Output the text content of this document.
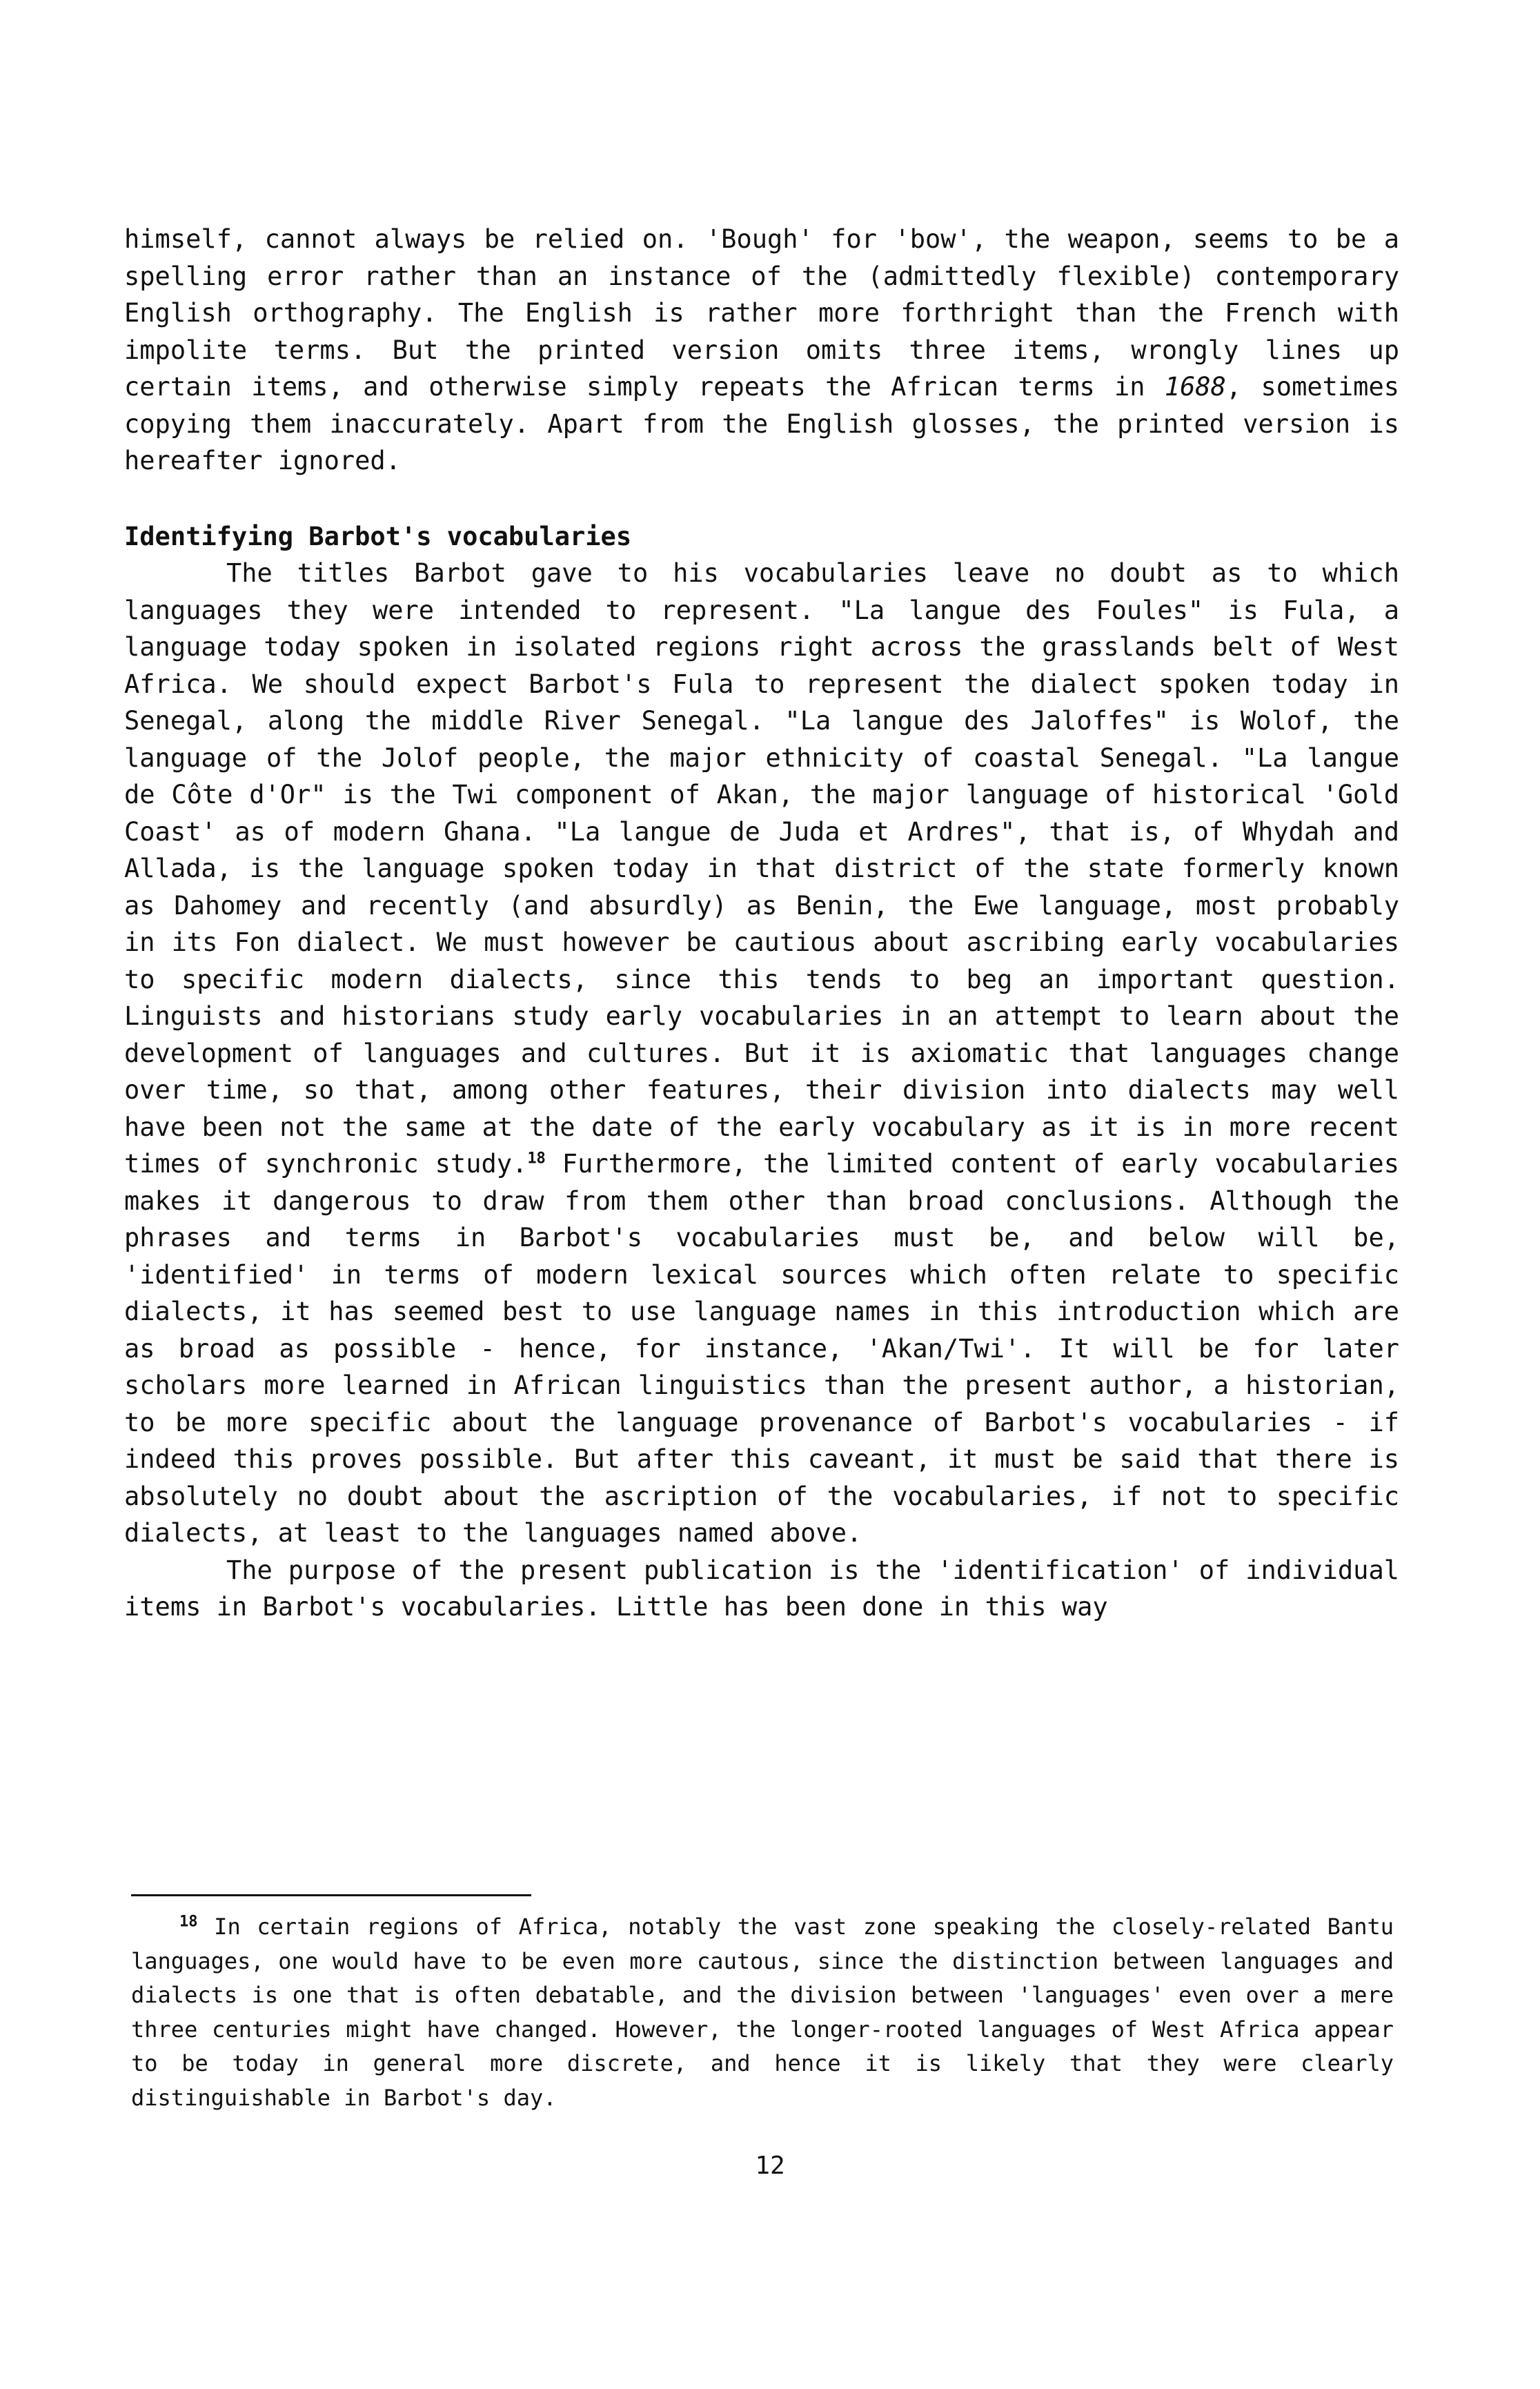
himself, cannot always be relied on. 'Bough' for 'bow', the weapon, seems to be a spelling error rather than an instance of the (admittedly flexible) contemporary English orthography. The English is rather more forthright than the French with impolite terms. But the printed version omits three items, wrongly lines up certain items, and otherwise simply repeats the African terms in 1688, sometimes copying them inaccurately. Apart from the English glosses, the printed version is hereafter ignored.

Identifying Barbot's vocabularies

The titles Barbot gave to his vocabularies leave no doubt as to which languages they were intended to represent. "La langue des Foules" is Fula, a language today spoken in isolated regions right across the grasslands belt of West Africa. We should expect Barbot's Fula to represent the dialect spoken today in Senegal, along the middle River Senegal. "La langue des Jaloffes" is Wolof, the language of the Jolof people, the major ethnicity of coastal Senegal. "La langue de Côte d'Or" is the Twi component of Akan, the major language of historical 'Gold Coast' as of modern Ghana. "La langue de Juda et Ardres", that is, of Whydah and Allada, is the language spoken today in that district of the state formerly known as Dahomey and recently (and absurdly) as Benin, the Ewe language, most probably in its Fon dialect. We must however be cautious about ascribing early vocabularies to specific modern dialects, since this tends to beg an important question. Linguists and historians study early vocabularies in an attempt to learn about the development of languages and cultures. But it is axiomatic that languages change over time, so that, among other features, their division into dialects may well have been not the same at the date of the early vocabulary as it is in more recent times of synchronic study.$^{18}$ Furthermore, the limited content of early vocabularies makes it dangerous to draw from them other than broad conclusions. Although the phrases and terms in Barbot's vocabularies must be, and below will be, 'identified' in terms of modern lexical sources which often relate to specific dialects, it has seemed best to use language names in this introduction which are as broad as possible - hence, for instance, 'Akan/Twi'. It will be for later scholars more learned in African linguistics than the present author, a historian, to be more specific about the language provenance of Barbot's vocabularies - if indeed this proves possible. But after this caveant, it must be said that there is absolutely no doubt about the ascription of the vocabularies, if not to specific dialects, at least to the languages named above.

The purpose of the present publication is the 'identification' of individual items in Barbot's vocabularies. Little has been done in this way

$^{18}$ In certain regions of Africa, notably the vast zone speaking the closely-related Bantu languages, one would have to be even more cautous, since the distinction between languages and dialects is one that is often debatable, and the division between 'languages' even over a mere three centuries might have changed. However, the longer-rooted languages of West Africa appear to be today in general more discrete, and hence it is likely that they were clearly distinguishable in Barbot's day.

12
